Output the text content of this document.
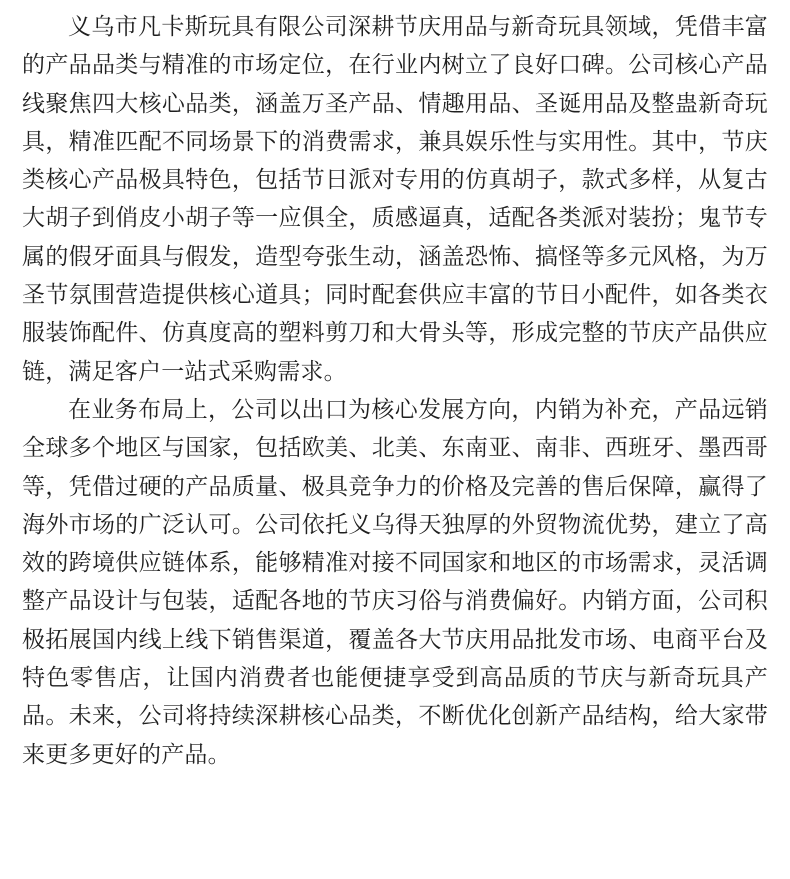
义乌市凡卡斯玩具有限公司深耕节庆用品与新奇玩具领域，凭借丰富的产品品类与精准的市场定位，在行业内树立了良好口碑。公司核心产品线聚焦四大核心品类，涵盖万圣产品、情趣用品、圣诞用品及整蛊新奇玩具，精准匹配不同场景下的消费需求，兼具娱乐性与实用性。其中，节庆类核心产品极具特色，包括节日派对专用的仿真胡子，款式多样，从复古大胡子到俏皮小胡子等一应俱全，质感逼真，适配各类派对装扮；鬼节专属的假牙面具与假发，造型夸张生动，涵盖恐怖、搞怪等多元风格，为万圣节氛围营造提供核心道具；同时配套供应丰富的节日小配件，如各类衣服装饰配件、仿真度高的塑料剪刀和大骨头等，形成完整的节庆产品供应链，满足客户一站式采购需求。

在业务布局上，公司以出口为核心发展方向，内销为补充，产品远销全球多个地区与国家，包括欧美、北美、东南亚、南非、西班牙、墨西哥等，凭借过硬的产品质量、极具竞争力的价格及完善的售后保障，赢得了海外市场的广泛认可。公司依托义乌得天独厚的外贸物流优势，建立了高效的跨境供应链体系，能够精准对接不同国家和地区的市场需求，灵活调整产品设计与包装，适配各地的节庆习俗与消费偏好。内销方面，公司积极拓展国内线上线下销售渠道，覆盖各大节庆用品批发市场、电商平台及特色零售店，让国内消费者也能便捷享受到高品质的节庆与新奇玩具产品。未来，公司将持续深耕核心品类，不断优化创新产品结构，给大家带来更多更好的产品。
